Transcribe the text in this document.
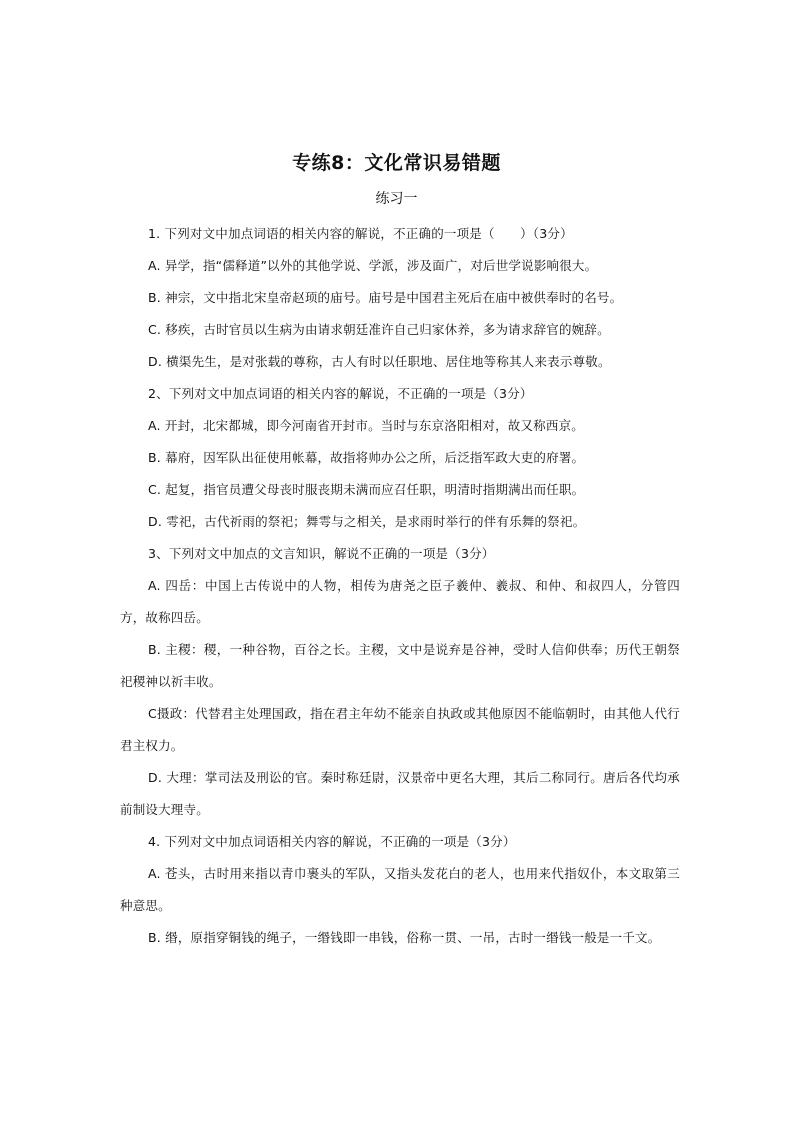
专练8：文化常识易错题
练习一

1. 下列对文中加点词语的相关内容的解说，不正确的一项是（　　）（3分）

A. 异学，指“儒释道”以外的其他学说、学派，涉及面广，对后世学说影响很大。

B. 神宗，文中指北宋皇帝赵顼的庙号。庙号是中国君主死后在庙中被供奉时的名号。

C. 移疾，古时官员以生病为由请求朝廷准许自己归家休养，多为请求辞官的婉辞。

D. 横渠先生，是对张载的尊称，古人有时以任职地、居住地等称其人来表示尊敬。

2、下列对文中加点词语的相关内容的解说，不正确的一项是（3分）

A. 开封，北宋都城，即今河南省开封市。当时与东京洛阳相对，故又称西京。

B. 幕府，因军队出征使用帐幕，故指将帅办公之所，后泛指军政大吏的府署。

C. 起复，指官员遭父母丧时服丧期未满而应召任职，明清时指期满出而任职。

D. 雩祀，古代祈雨的祭祀；舞雩与之相关，是求雨时举行的伴有乐舞的祭祀。

3、下列对文中加点的文言知识，解说不正确的一项是（3分）

A. 四岳：中国上古传说中的人物，相传为唐尧之臣子羲仲、羲叔、和仲、和叔四人，分管四方，故称四岳。

B. 主稷：稷，一种谷物，百谷之长。主稷，文中是说弃是谷神，受时人信仰供奉；历代王朝祭祀稷神以祈丰收。

C摄政：代替君主处理国政，指在君主年幼不能亲自执政或其他原因不能临朝时，由其他人代行君主权力。

D. 大理：掌司法及刑讼的官。秦时称廷尉，汉景帝中更名大理，其后二称同行。唐后各代均承前制设大理寺。

4. 下列对文中加点词语相关内容的解说，不正确的一项是（3分）

A. 苍头，古时用来指以青巾裹头的军队，又指头发花白的老人，也用来代指奴仆，本文取第三种意思。

B. 缗，原指穿铜钱的绳子，一缗钱即一串钱，俗称一贯、一吊，古时一缗钱一般是一千文。
